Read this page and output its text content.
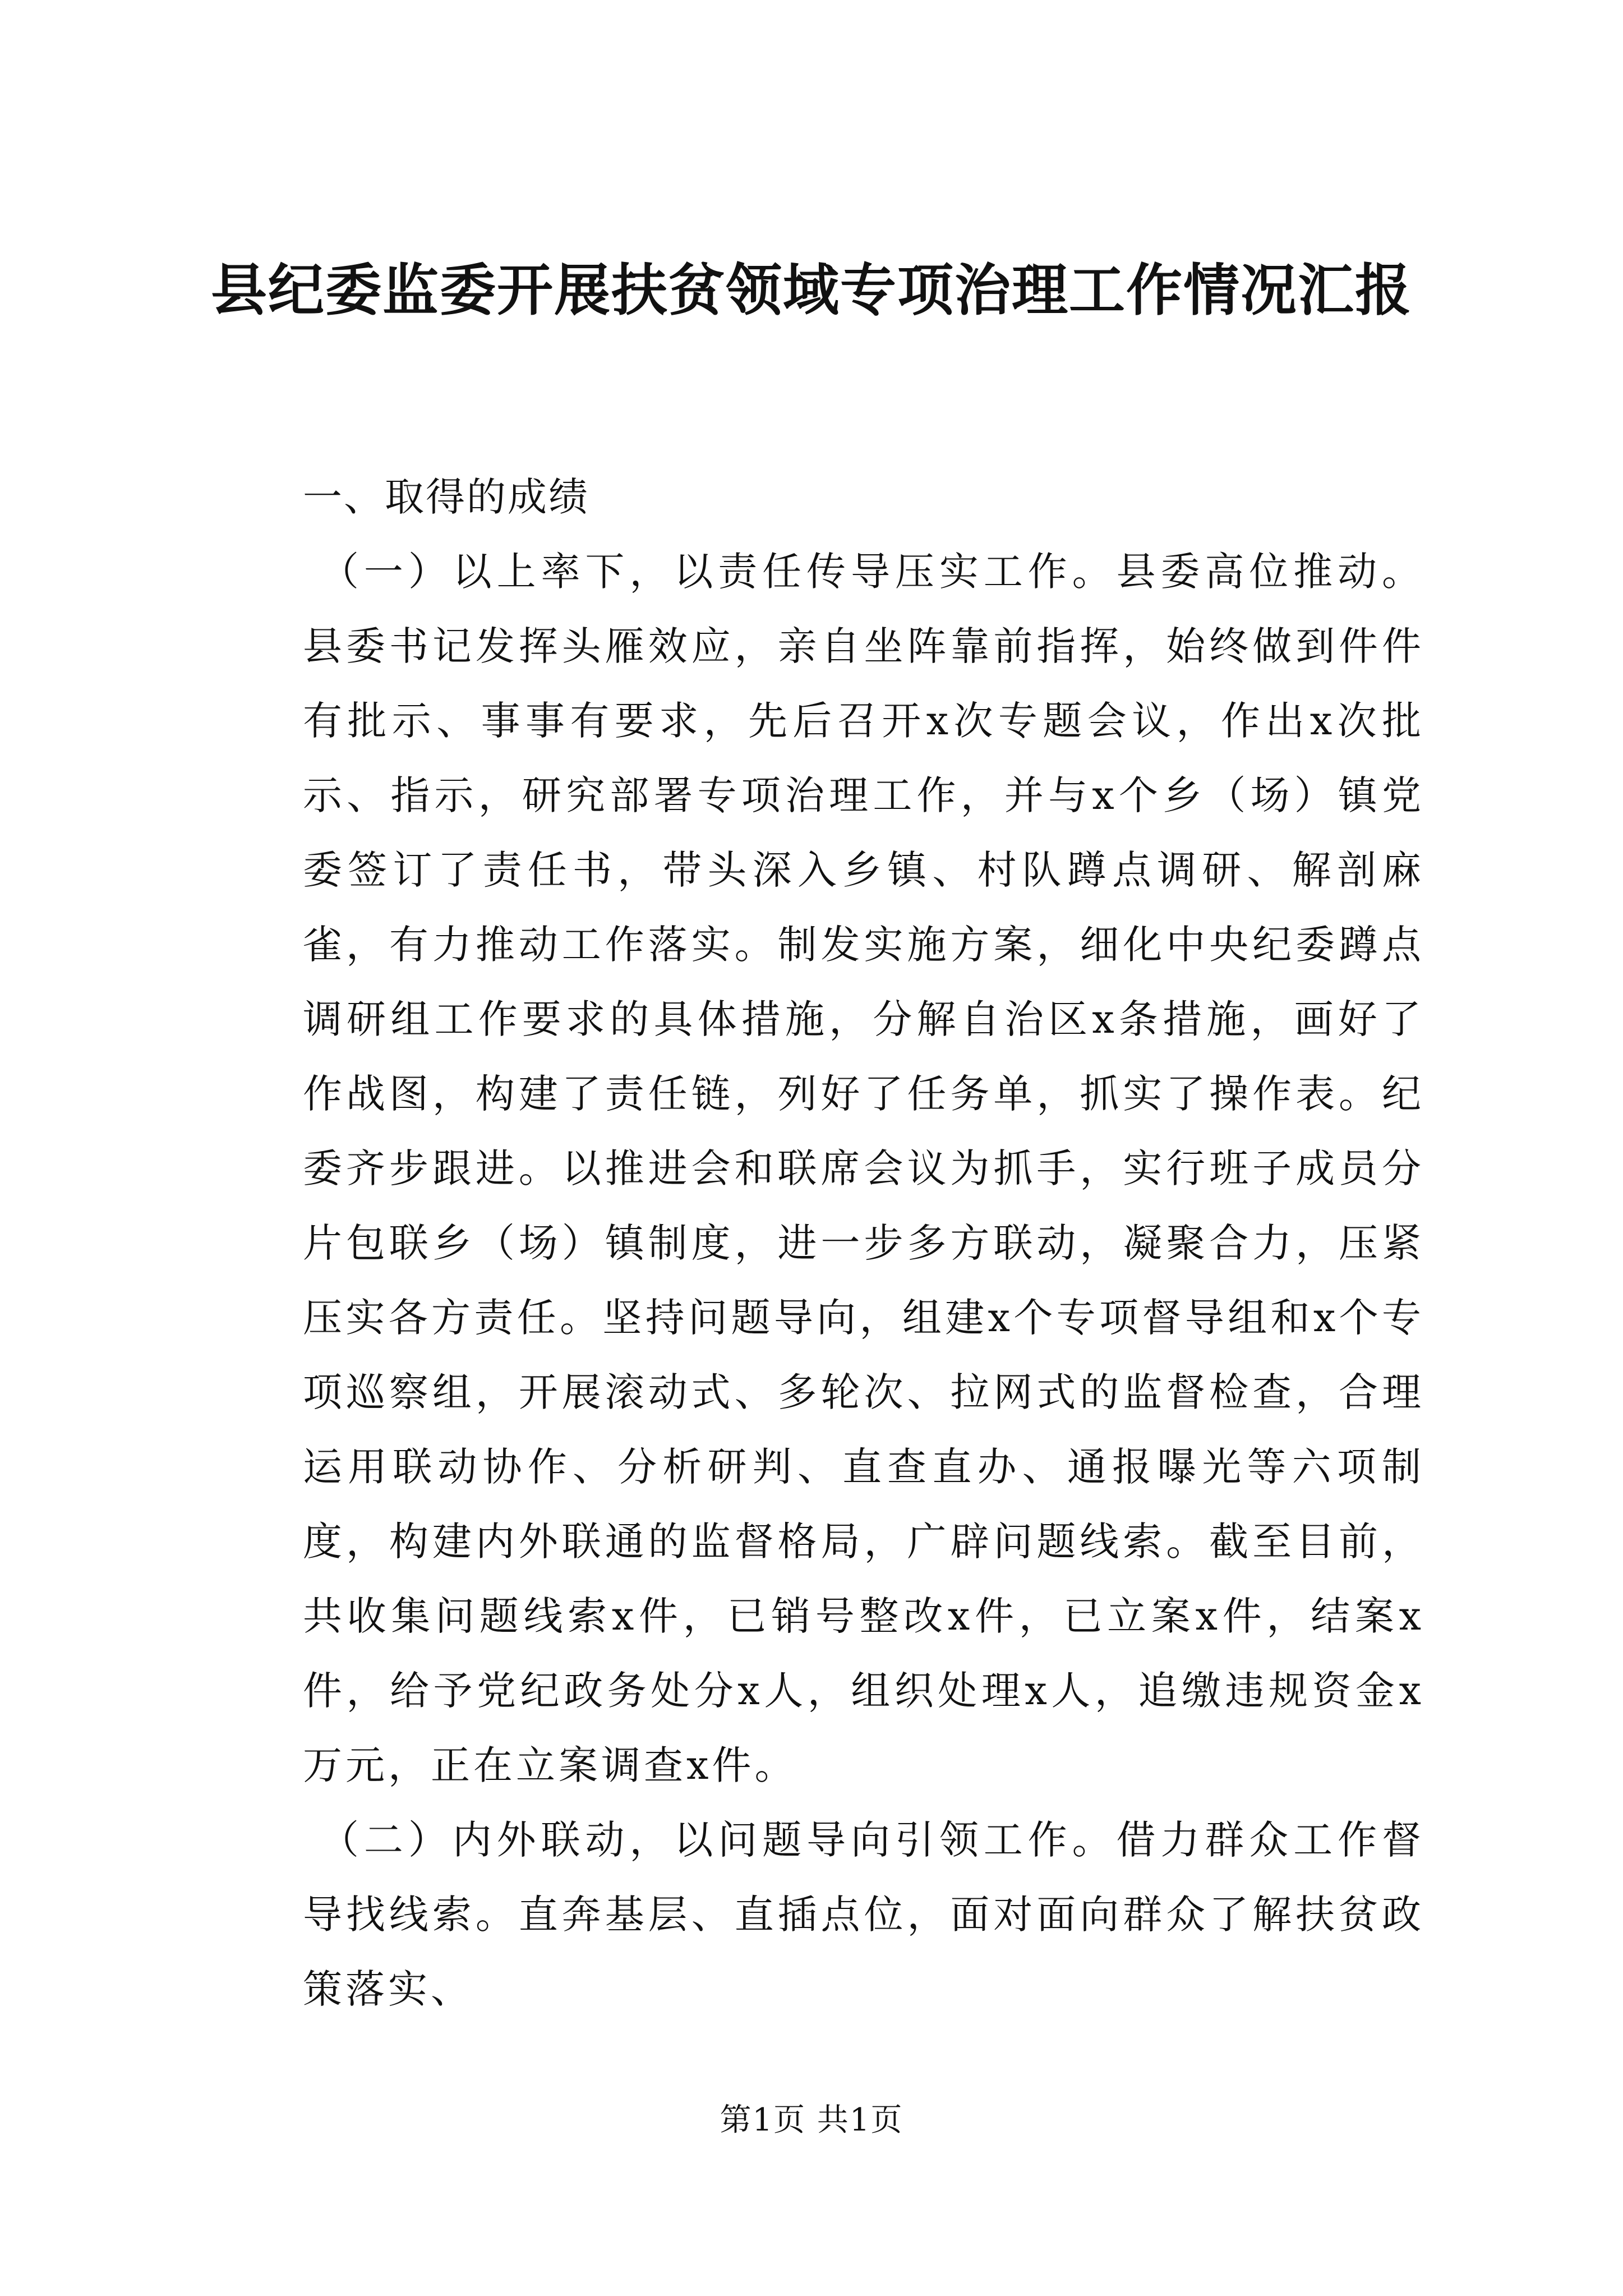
县纪委监委开展扶贫领域专项治理工作情况汇报

一、取得的成绩

（一）以上率下，以责任传导压实工作。县委高位推动。县委书记发挥头雁效应，亲自坐阵靠前指挥，始终做到件件有批示、事事有要求，先后召开x次专题会议，作出x次批示、指示，研究部署专项治理工作，并与x个乡（场）镇党委签订了责任书，带头深入乡镇、村队蹲点调研、解剖麻雀，有力推动工作落实。制发实施方案，细化中央纪委蹲点调研组工作要求的具体措施，分解自治区x条措施，画好了作战图，构建了责任链，列好了任务单，抓实了操作表。纪委齐步跟进。以推进会和联席会议为抓手，实行班子成员分片包联乡（场）镇制度，进一步多方联动，凝聚合力，压紧压实各方责任。坚持问题导向，组建x个专项督导组和x个专项巡察组，开展滚动式、多轮次、拉网式的监督检查，合理运用联动协作、分析研判、直查直办、通报曝光等六项制度，构建内外联通的监督格局，广辟问题线索。截至目前，共收集问题线索x件，已销号整改x件，已立案x件，结案x件，给予党纪政务处分x人，组织处理x人，追缴违规资金x万元，正在立案调查x件。

（二）内外联动，以问题导向引领工作。借力群众工作督导找线索。直奔基层、直插点位，面对面向群众了解扶贫政策落实、

第1页 共1页
